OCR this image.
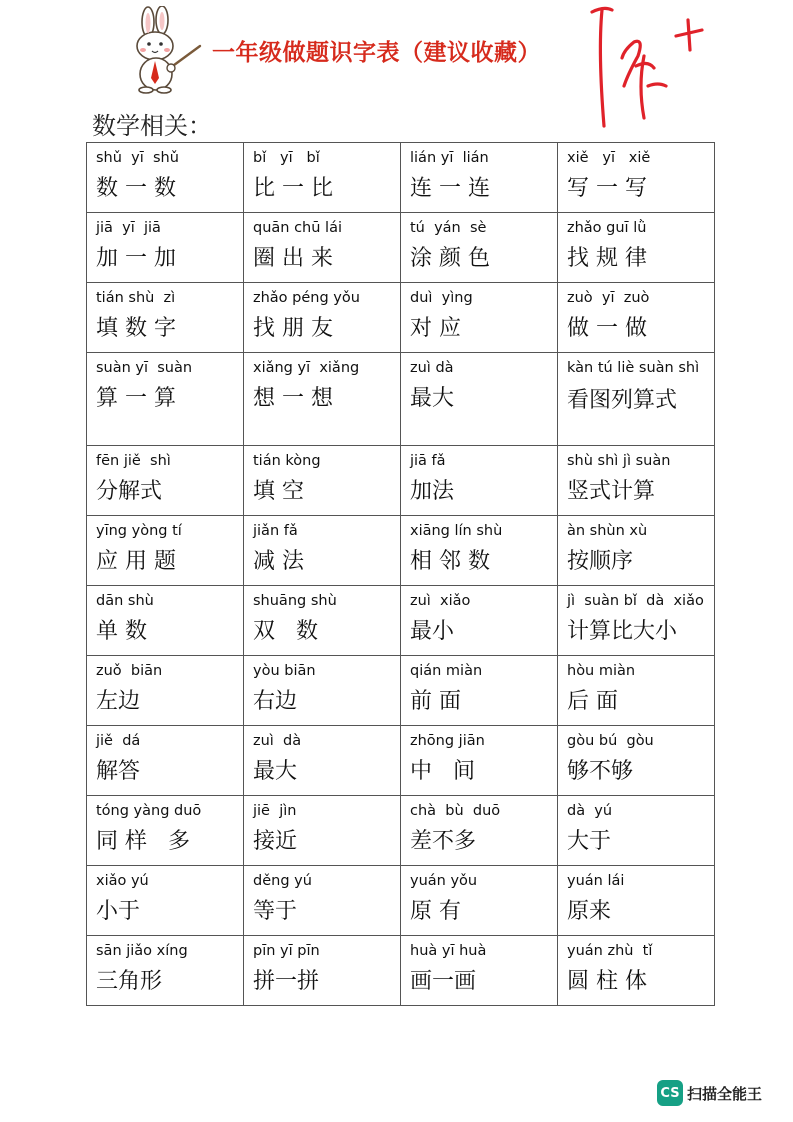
一年级做题识字表（建议收藏）
数学相关：
shǔ  yī  shǔ
数 一 数	bǐ   yī   bǐ
比 一 比	lián yī  lián
连 一 连	xiě   yī   xiě
写 一 写

jiā  yī  jiā
加 一 加	quān chū lái
圈 出 来	tú  yán  sè
涂 颜 色	zhǎo guī lǜ
找 规 律

tián shù  zì
填 数 字	zhǎo péng yǒu
找 朋 友	duì  yìng
对 应	zuò  yī  zuò
做 一 做

suàn yī  suàn
算 一 算	xiǎng yī  xiǎng
想 一 想	zuì dà
最大	kàn tú liè suàn shì
看图列算式

fēn jiě  shì
分解式	tián kòng
填 空	jiā fǎ
加法	shù shì jì suàn
竖式计算

yīng yòng tí
应 用 题	jiǎn fǎ
减 法	xiāng lín shù
相 邻 数	àn shùn xù
按顺序

dān shù
单 数	shuāng shù
双   数	zuì  xiǎo
最小	jì  suàn bǐ  dà  xiǎo
计算比大小

zuǒ  biān
左边	yòu biān
右边	qián miàn
前 面	hòu miàn
后 面

jiě  dá
解答	zuì  dà
最大	zhōng jiān
中   间	gòu bú  gòu
够不够

tóng yàng duō
同 样   多	jiē  jìn
接近	chà  bù  duō
差不多	dà  yú
大于

xiǎo yú
小于	děng yú
等于	yuán yǒu
原 有	yuán lái
原来

sān jiǎo xíng
三角形	pīn yī pīn
拼一拼	huà yī huà
画一画	yuán zhù  tǐ
圆 柱 体
CS 扫描全能王
